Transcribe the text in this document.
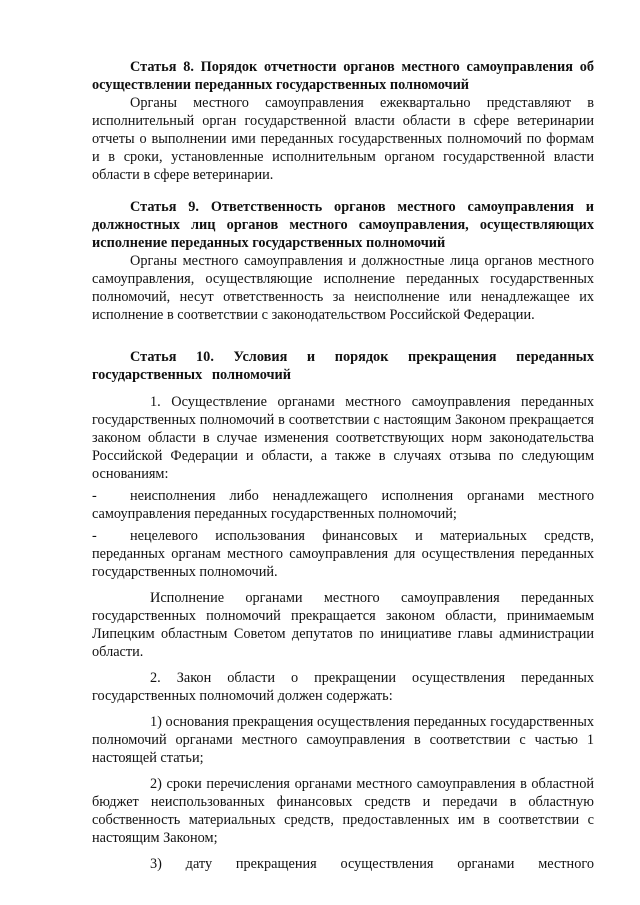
Статья 8. Порядок отчетности органов местного самоуправления об осуществлении переданных государственных полномочий

Органы местного самоуправления ежеквартально представляют в исполнительный орган государственной власти области в сфере ветеринарии отчеты о выполнении ими переданных государственных полномочий по формам и в сроки, установленные исполнительным органом государственной власти области в сфере ветеринарии.

Статья 9. Ответственность органов местного самоуправления и должностных лиц органов местного самоуправления, осуществляющих исполнение переданных государственных полномочий

Органы местного самоуправления и должностные лица органов местного самоуправления, осуществляющие исполнение переданных государственных полномочий, несут ответственность за неисполнение или ненадлежащее их исполнение в соответствии с законодательством Российской Федерации.

Статья 10. Условия и порядок прекращения переданных государственных полномочий

1. Осуществление органами местного самоуправления переданных государственных полномочий в соответствии с настоящим Законом прекращается законом области в случае изменения соответствующих норм законодательства Российской Федерации и области, а также в случаях отзыва по следующим основаниям:

- неисполнения либо ненадлежащего исполнения органами местного самоуправления переданных государственных полномочий;

- нецелевого использования финансовых и материальных средств, переданных органам местного самоуправления для осуществления переданных государственных полномочий.

Исполнение органами местного самоуправления переданных государственных полномочий прекращается законом области, принимаемым Липецким областным Советом депутатов по инициативе главы администрации области.

2. Закон области о прекращении осуществления переданных государственных полномочий должен содержать:

1) основания прекращения осуществления переданных государственных полномочий органами местного самоуправления в соответствии с частью 1 настоящей статьи;

2) сроки перечисления органами местного самоуправления в областной бюджет неиспользованных финансовых средств и передачи в областную собственность материальных средств, предоставленных им в соответствии с настоящим Законом;

3) дату прекращения осуществления органами местного
